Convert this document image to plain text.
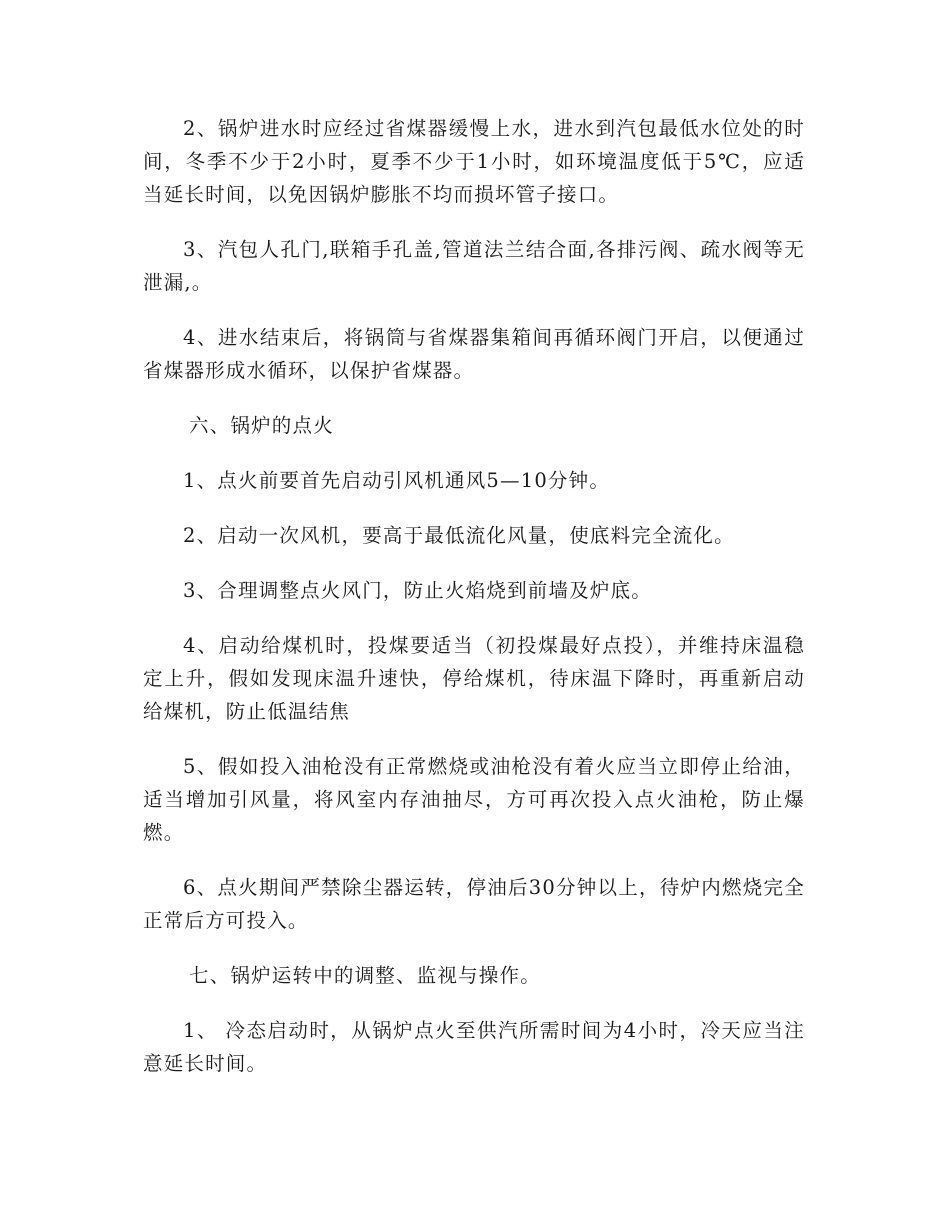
2、锅炉进水时应经过省煤器缓慢上水，进水到汽包最低水位处的时间，冬季不少于2小时，夏季不少于1小时，如环境温度低于5℃，应适当延长时间，以免因锅炉膨胀不均而损坏管子接口。

3、汽包人孔门,联箱手孔盖,管道法兰结合面,各排污阀、疏水阀等无泄漏,。

4、进水结束后，将锅筒与省煤器集箱间再循环阀门开启，以便通过省煤器形成水循环，以保护省煤器。

六、锅炉的点火

1、点火前要首先启动引风机通风5—10分钟。

2、启动一次风机，要高于最低流化风量，使底料完全流化。

3、合理调整点火风门，防止火焰烧到前墙及炉底。

4、启动给煤机时，投煤要适当（初投煤最好点投），并维持床温稳定上升，假如发现床温升速快，停给煤机，待床温下降时，再重新启动给煤机，防止低温结焦

5、假如投入油枪没有正常燃烧或油枪没有着火应当立即停止给油，适当增加引风量，将风室内存油抽尽，方可再次投入点火油枪，防止爆燃。

6、点火期间严禁除尘器运转，停油后30分钟以上，待炉内燃烧完全正常后方可投入。

七、锅炉运转中的调整、监视与操作。

1、 冷态启动时，从锅炉点火至供汽所需时间为4小时，冷天应当注意延长时间。
